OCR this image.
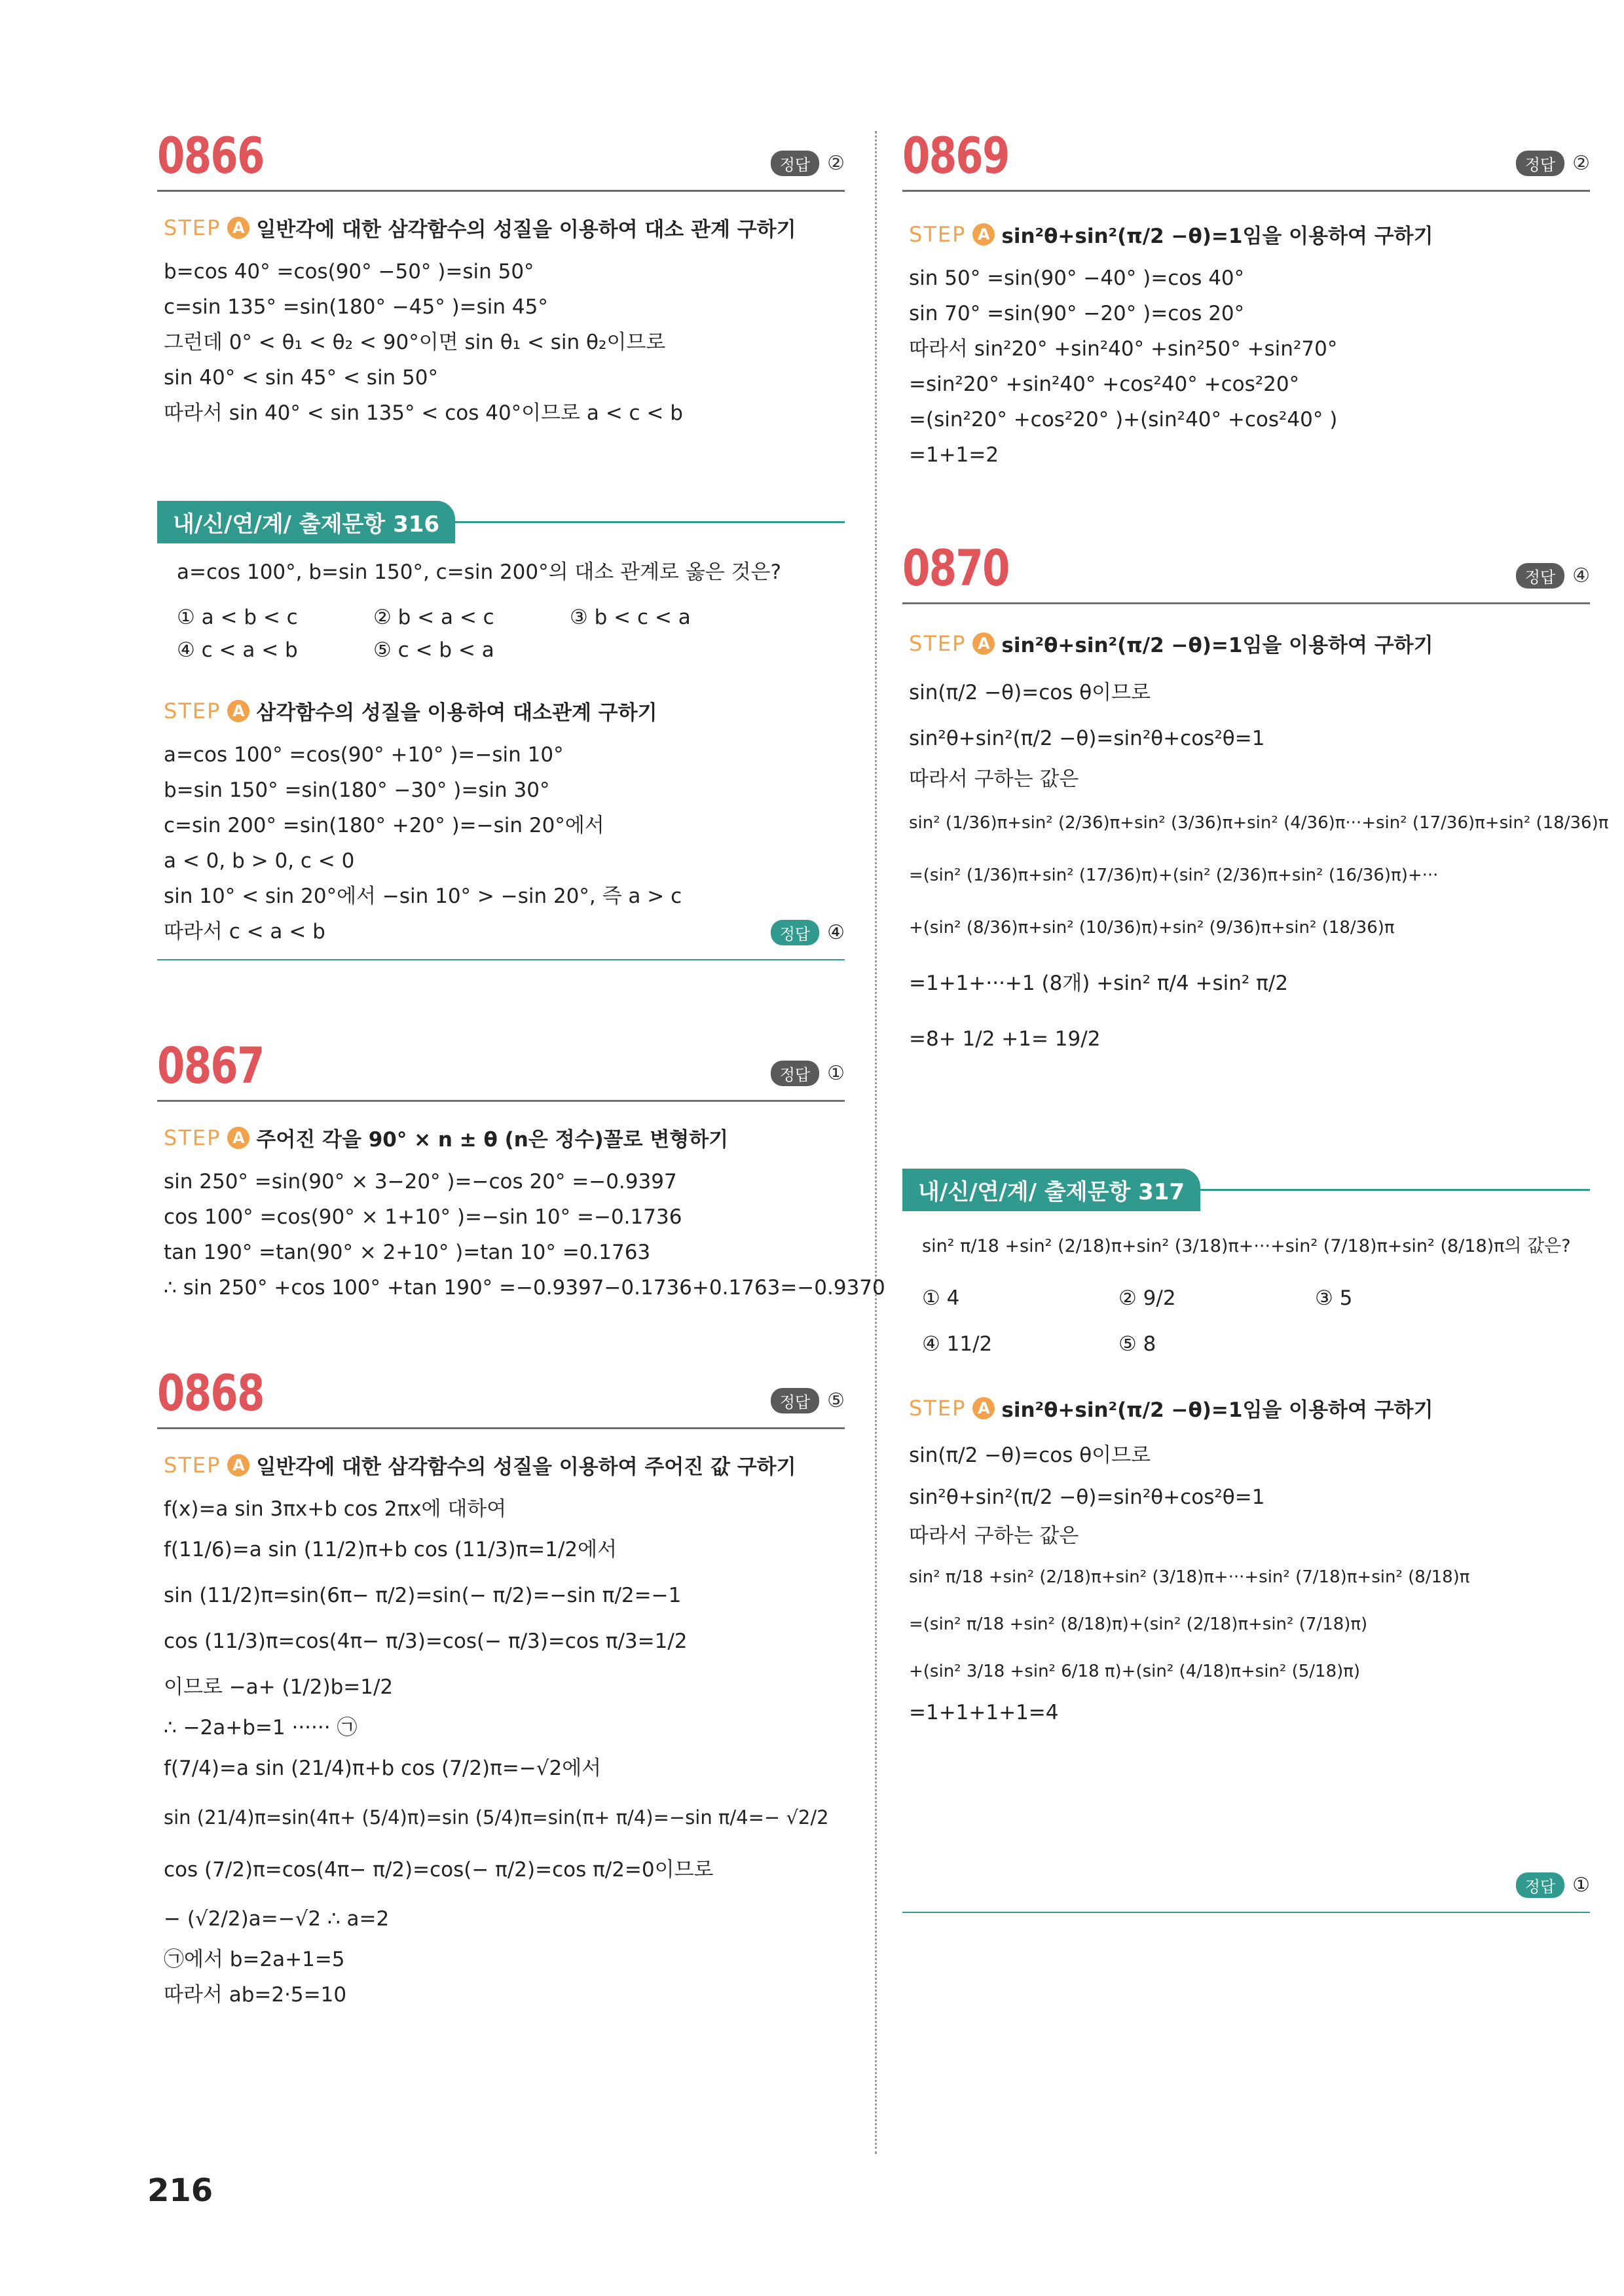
0866	정답 ②
STEP A 일반각에 대한 삼각함수의 성질을 이용하여 대소 관계 구하기
b=cos 40° =cos(90° −50° )=sin 50°
c=sin 135° =sin(180° −45° )=sin 45°
그런데 0° < θ₁ < θ₂ < 90°이면 sin θ₁ < sin θ₂이므로
sin 40° < sin 45° < sin 50°
따라서 sin 40° < sin 135° < cos 40°이므로 a < c < b
내/신/연/계/ 출제문항 316
a=cos 100°, b=sin 150°, c=sin 200°의 대소 관계로 옳은 것은?
① a < b < c	② b < a < c	③ b < c < a
④ c < a < b	⑤ c < b < a
STEP A 삼각함수의 성질을 이용하여 대소관계 구하기
a=cos 100° =cos(90° +10° )=−sin 10°
b=sin 150° =sin(180° −30° )=sin 30°
c=sin 200° =sin(180° +20° )=−sin 20°에서
a < 0, b > 0, c < 0
sin 10° < sin 20°에서 −sin 10° > −sin 20°, 즉 a > c
따라서 c < a < b	정답 ④
0867	정답 ①
STEP A 주어진 각을 90° × n ± θ (n은 정수)꼴로 변형하기
sin 250° =sin(90° × 3−20° )=−cos 20° =−0.9397
cos 100° =cos(90° × 1+10° )=−sin 10° =−0.1736
tan 190° =tan(90° × 2+10° )=tan 10° =0.1763
∴ sin 250° +cos 100° +tan 190° =−0.9397−0.1736+0.1763=−0.9370
0868	정답 ⑤
STEP A 일반각에 대한 삼각함수의 성질을 이용하여 주어진 값 구하기
f(x)=a sin 3πx+b cos 2πx에 대하여
f(11/6)=a sin (11/2)π+b cos (11/3)π=1/2에서
sin (11/2)π=sin(6π− π/2)=sin(− π/2)=−sin π/2=−1
cos (11/3)π=cos(4π− π/3)=cos(− π/3)=cos π/3=1/2
이므로 −a+ (1/2)b=1/2
∴ −2a+b=1 ······ ㉠
f(7/4)=a sin (21/4)π+b cos (7/2)π=−√2에서
sin (21/4)π=sin(4π+ (5/4)π)=sin (5/4)π=sin(π+ π/4)=−sin π/4=− √2/2
cos (7/2)π=cos(4π− π/2)=cos(− π/2)=cos π/2=0이므로
− (√2/2)a=−√2 ∴ a=2
㉠에서 b=2a+1=5
따라서 ab=2·5=10
0869	정답 ②
STEP A sin²θ+sin²(π/2 −θ)=1임을 이용하여 구하기
sin 50° =sin(90° −40° )=cos 40°
sin 70° =sin(90° −20° )=cos 20°
따라서 sin²20° +sin²40° +sin²50° +sin²70°
=sin²20° +sin²40° +cos²40° +cos²20°
=(sin²20° +cos²20° )+(sin²40° +cos²40° )
=1+1=2
0870	정답 ④
STEP A sin²θ+sin²(π/2 −θ)=1임을 이용하여 구하기
sin(π/2 −θ)=cos θ이므로
sin²θ+sin²(π/2 −θ)=sin²θ+cos²θ=1
따라서 구하는 값은
sin² (1/36)π+sin² (2/36)π+sin² (3/36)π+sin² (4/36)π···+sin² (17/36)π+sin² (18/36)π
=(sin² (1/36)π+sin² (17/36)π)+(sin² (2/36)π+sin² (16/36)π)+···
+(sin² (8/36)π+sin² (10/36)π)+sin² (9/36)π+sin² (18/36)π
=1+1+···+1 (8개) +sin² π/4 +sin² π/2
=8+ 1/2 +1= 19/2
내/신/연/계/ 출제문항 317
sin² π/18 +sin² (2/18)π+sin² (3/18)π+···+sin² (7/18)π+sin² (8/18)π의 값은?
① 4	② 9/2	③ 5
④ 11/2	⑤ 8
STEP A sin²θ+sin²(π/2 −θ)=1임을 이용하여 구하기
sin(π/2 −θ)=cos θ이므로
sin²θ+sin²(π/2 −θ)=sin²θ+cos²θ=1
따라서 구하는 값은
sin² π/18 +sin² (2/18)π+sin² (3/18)π+···+sin² (7/18)π+sin² (8/18)π
=(sin² π/18 +sin² (8/18)π)+(sin² (2/18)π+sin² (7/18)π)
+(sin² 3/18 +sin² 6/18 π)+(sin² (4/18)π+sin² (5/18)π)
=1+1+1+1=4
정답 ①
216
